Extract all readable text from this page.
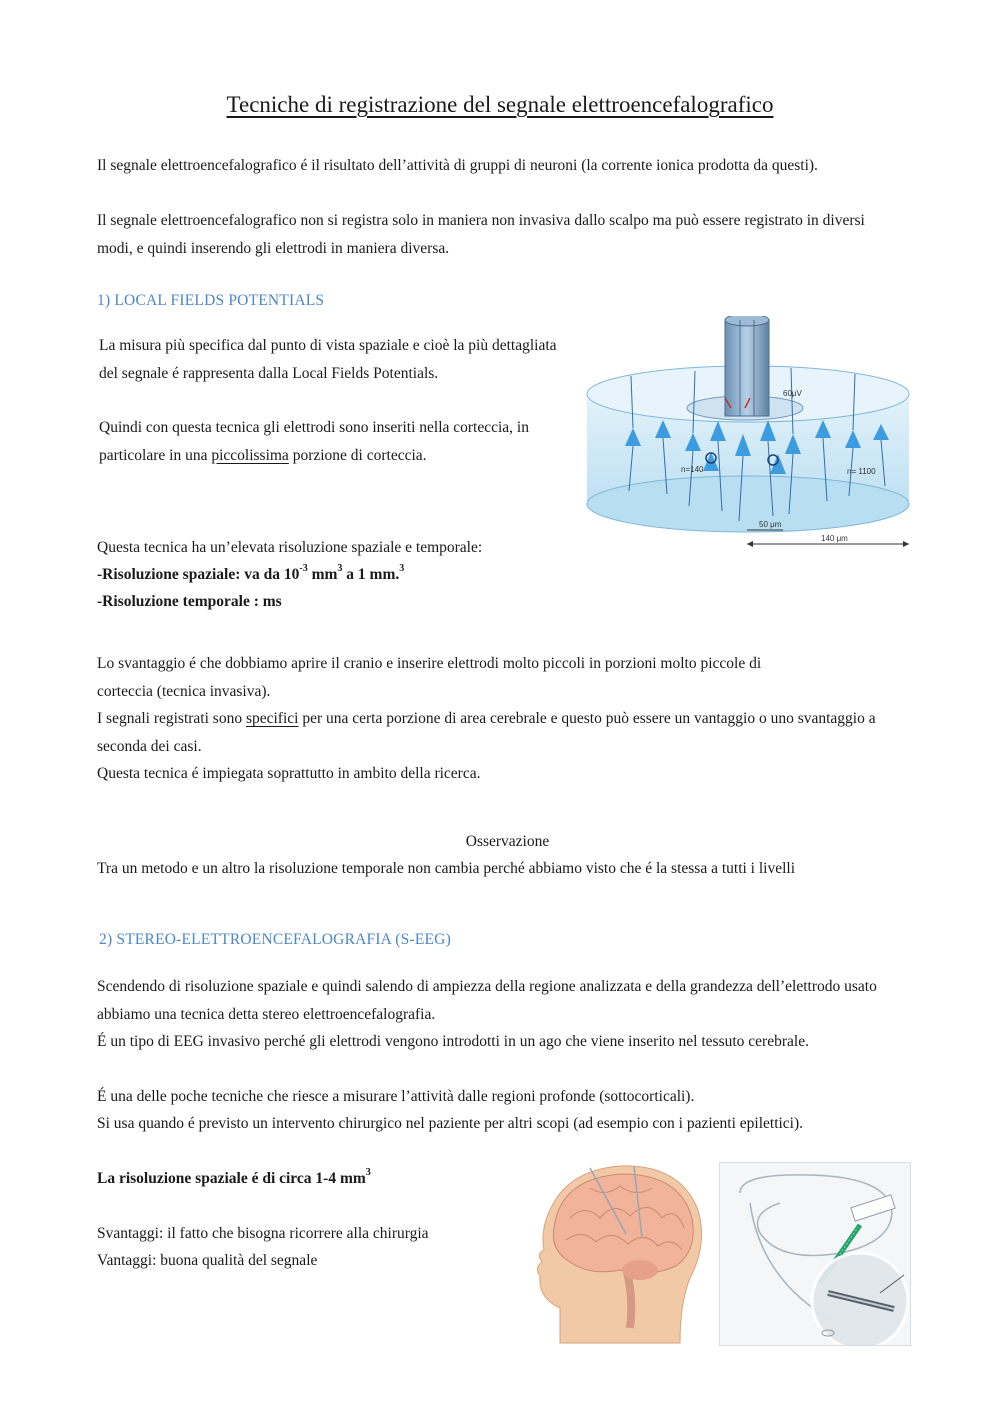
Tecniche di registrazione del segnale elettroencefalografico
Il segnale elettroencefalografico é il risultato dell’attività di gruppi di neuroni (la corrente ionica prodotta da questi).
Il segnale elettroencefalografico non si registra solo in maniera non invasiva dallo scalpo ma può essere registrato in diversi modi, e quindi inserendo gli elettrodi in maniera diversa.
1) LOCAL FIELDS POTENTIALS
La misura più specifica dal punto di vista spaziale e cioè la più dettagliata del segnale é rappresenta dalla Local Fields Potentials.
Quindi con questa tecnica gli elettrodi sono inseriti nella corteccia, in particolare in una piccolissima porzione di corteccia.
Questa tecnica ha un’elevata risoluzione spaziale e temporale:
-Risoluzione spaziale: va da $10^{-3}$ $mm^3$ a 1 mm.$^3$
-Risoluzione temporale : ms
Lo svantaggio é che dobbiamo aprire il cranio e inserire elettrodi molto piccoli in porzioni molto piccole di corteccia (tecnica invasiva).
I segnali registrati sono specifici per una certa porzione di area cerebrale e questo può essere un vantaggio o uno svantaggio a seconda dei casi.
Questa tecnica é impiegata soprattutto in ambito della ricerca.
60μV
n=140	n= 1100
50 μm
140 μm
Osservazione
Tra un metodo e un altro la risoluzione temporale non cambia perché abbiamo visto che é la stessa a tutti i livelli
2) STEREO-ELETTROENCEFALOGRAFIA (S-EEG)
Scendendo di risoluzione spaziale e quindi salendo di ampiezza della regione analizzata e della grandezza dell’elettrodo usato abbiamo una tecnica detta stereo elettroencefalografia.
É un tipo di EEG invasivo perché gli elettrodi vengono introdotti in un ago che viene inserito nel tessuto cerebrale.
É una delle poche tecniche che riesce a misurare l’attività dalle regioni profonde (sottocorticali).
Si usa quando é previsto un intervento chirurgico nel paziente per altri scopi (ad esempio con i pazienti epilettici).
La risoluzione spaziale é di circa 1-4 $mm^3$
Svantaggi: il fatto che bisogna ricorrere alla chirurgia
Vantaggi: buona qualità del segnale
